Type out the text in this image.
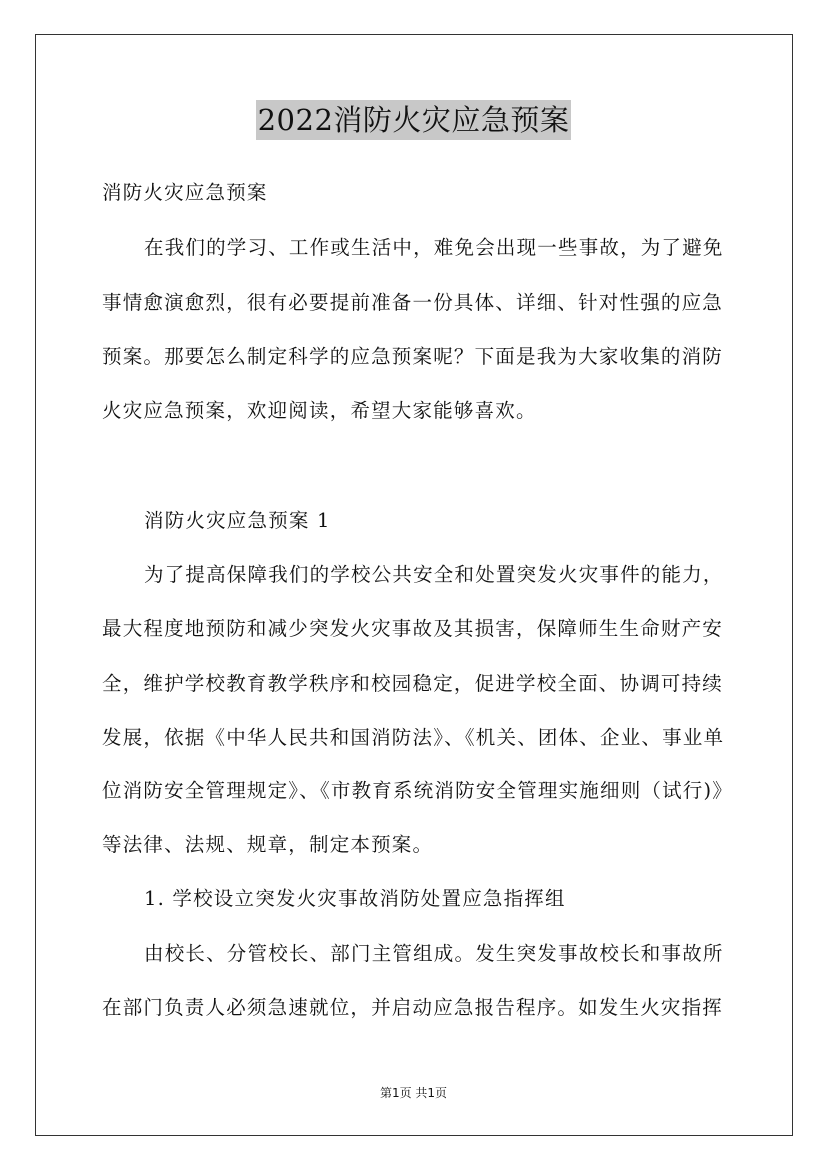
2022消防火灾应急预案
消防火灾应急预案
在我们的学习、工作或生活中，难免会出现一些事故，为了避免
事情愈演愈烈，很有必要提前准备一份具体、详细、针对性强的应急
预案。那要怎么制定科学的应急预案呢？下面是我为大家收集的消防
火灾应急预案，欢迎阅读，希望大家能够喜欢。
消防火灾应急预案 1
为了提高保障我们的学校公共安全和处置突发火灾事件的能力，
最大程度地预防和减少突发火灾事故及其损害，保障师生生命财产安
全，维护学校教育教学秩序和校园稳定，促进学校全面、协调可持续
发展，依据《中华人民共和国消防法》、《机关、团体、企业、事业单
位消防安全管理规定》、《市教育系统消防安全管理实施细则（试行)》
等法律、法规、规章，制定本预案。
1. 学校设立突发火灾事故消防处置应急指挥组
由校长、分管校长、部门主管组成。发生突发事故校长和事故所
在部门负责人必须急速就位，并启动应急报告程序。如发生火灾指挥
第1页 共1页
